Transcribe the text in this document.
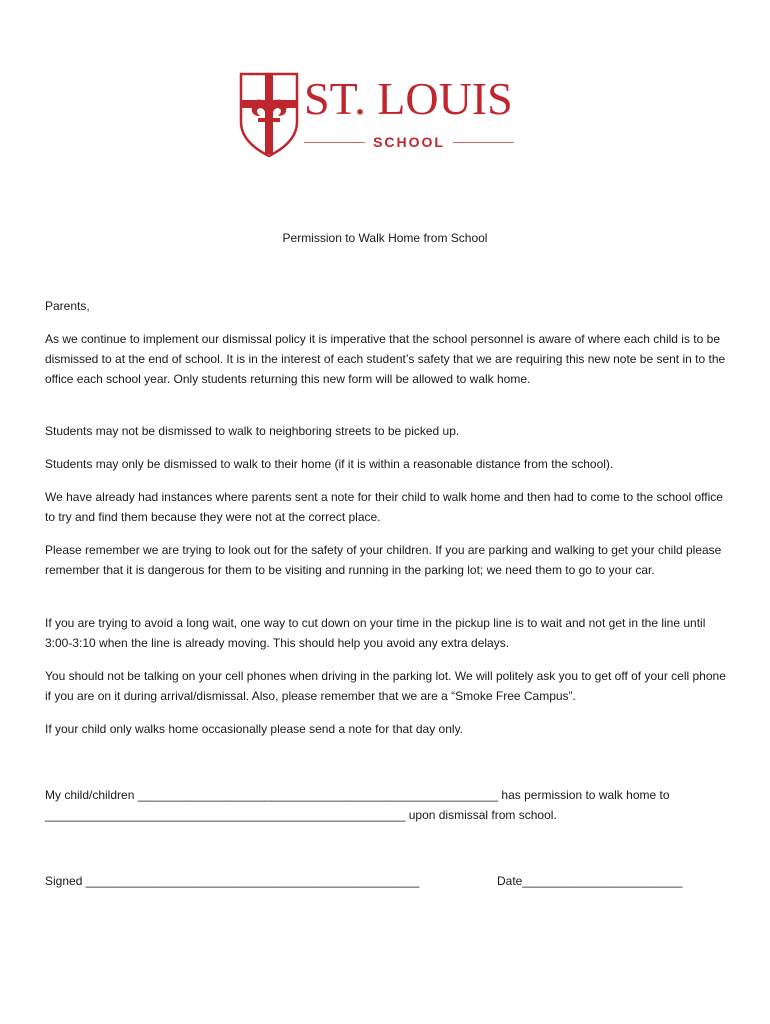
ST. LOUIS
SCHOOL
Permission to Walk Home from School

Parents,

As we continue to implement our dismissal policy it is imperative that the school personnel is aware of where each child is to be dismissed to at the end of school. It is in the interest of each student’s safety that we are requiring this new note be sent in to the office each school year. Only students returning this new form will be allowed to walk home.

Students may not be dismissed to walk to neighboring streets to be picked up.

Students may only be dismissed to walk to their home (if it is within a reasonable distance from the school).

We have already had instances where parents sent a note for their child to walk home and then had to come to the school office to try and find them because they were not at the correct place.

Please remember we are trying to look out for the safety of your children. If you are parking and walking to get your child please remember that it is dangerous for them to be visiting and running in the parking lot; we need them to go to your car.

If you are trying to avoid a long wait, one way to cut down on your time in the pickup line is to wait and not get in the line until 3:00-3:10 when the line is already moving. This should help you avoid any extra delays.

You should not be talking on your cell phones when driving in the parking lot. We will politely ask you to get off of your cell phone if you are on it during arrival/dismissal. Also, please remember that we are a “Smoke Free Campus”.

If your child only walks home occasionally please send a note for that day only.

My child/children ______________________________________________________ has permission to walk home to

______________________________________________________ upon dismissal from school.

Signed __________________________________________________	Date________________________
